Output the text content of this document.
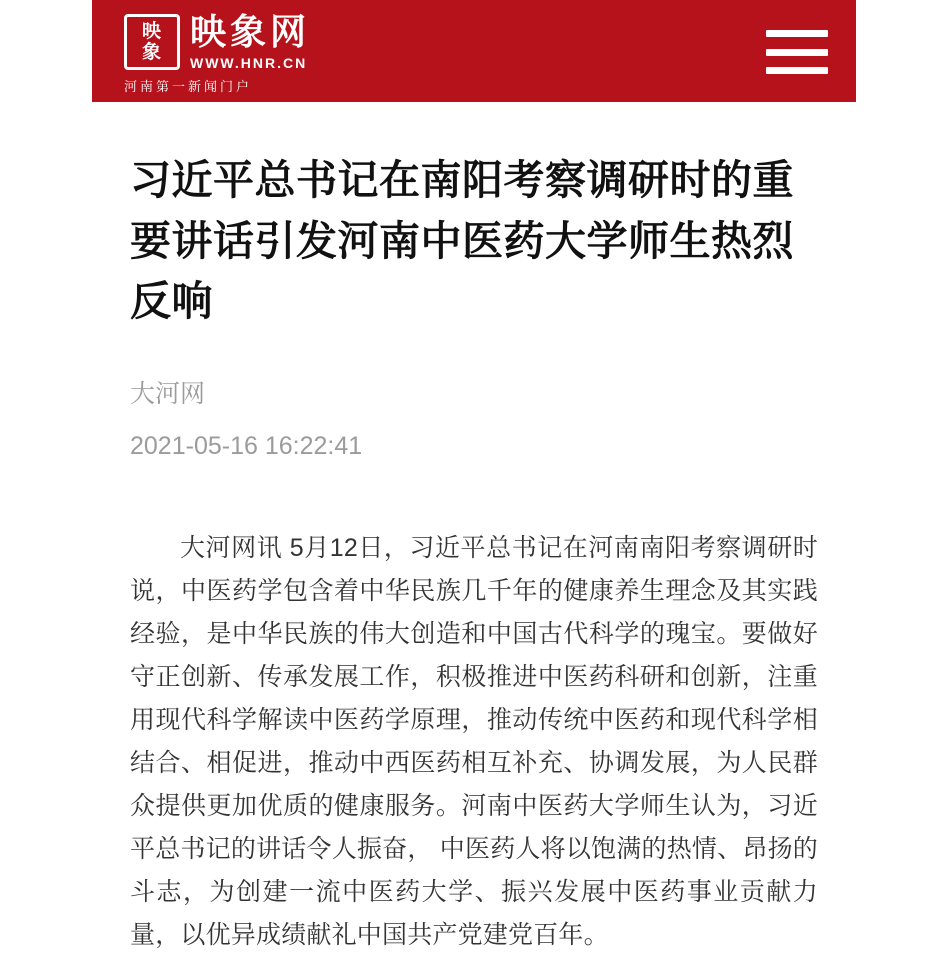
映
象
映象网
WWW.HNR.CN
河南第一新闻门户
习近平总书记在南阳考察调研时的重要讲话引发河南中医药大学师生热烈反响
大河网
2021-05-16 16:22:41

大河网讯 5月12日，习近平总书记在河南南阳考察调研时说，中医药学包含着中华民族几千年的健康养生理念及其实践经验，是中华民族的伟大创造和中国古代科学的瑰宝。要做好守正创新、传承发展工作，积极推进中医药科研和创新，注重用现代科学解读中医药学原理，推动传统中医药和现代科学相结合、相促进，推动中西医药相互补充、协调发展，为人民群众提供更加优质的健康服务。河南中医药大学师生认为，习近平总书记的讲话令人振奋， 中医药人将以饱满的热情、昂扬的斗志，为创建一流中医药大学、振兴发展中医药事业贡献力量，以优异成绩献礼中国共产党建党百年。
